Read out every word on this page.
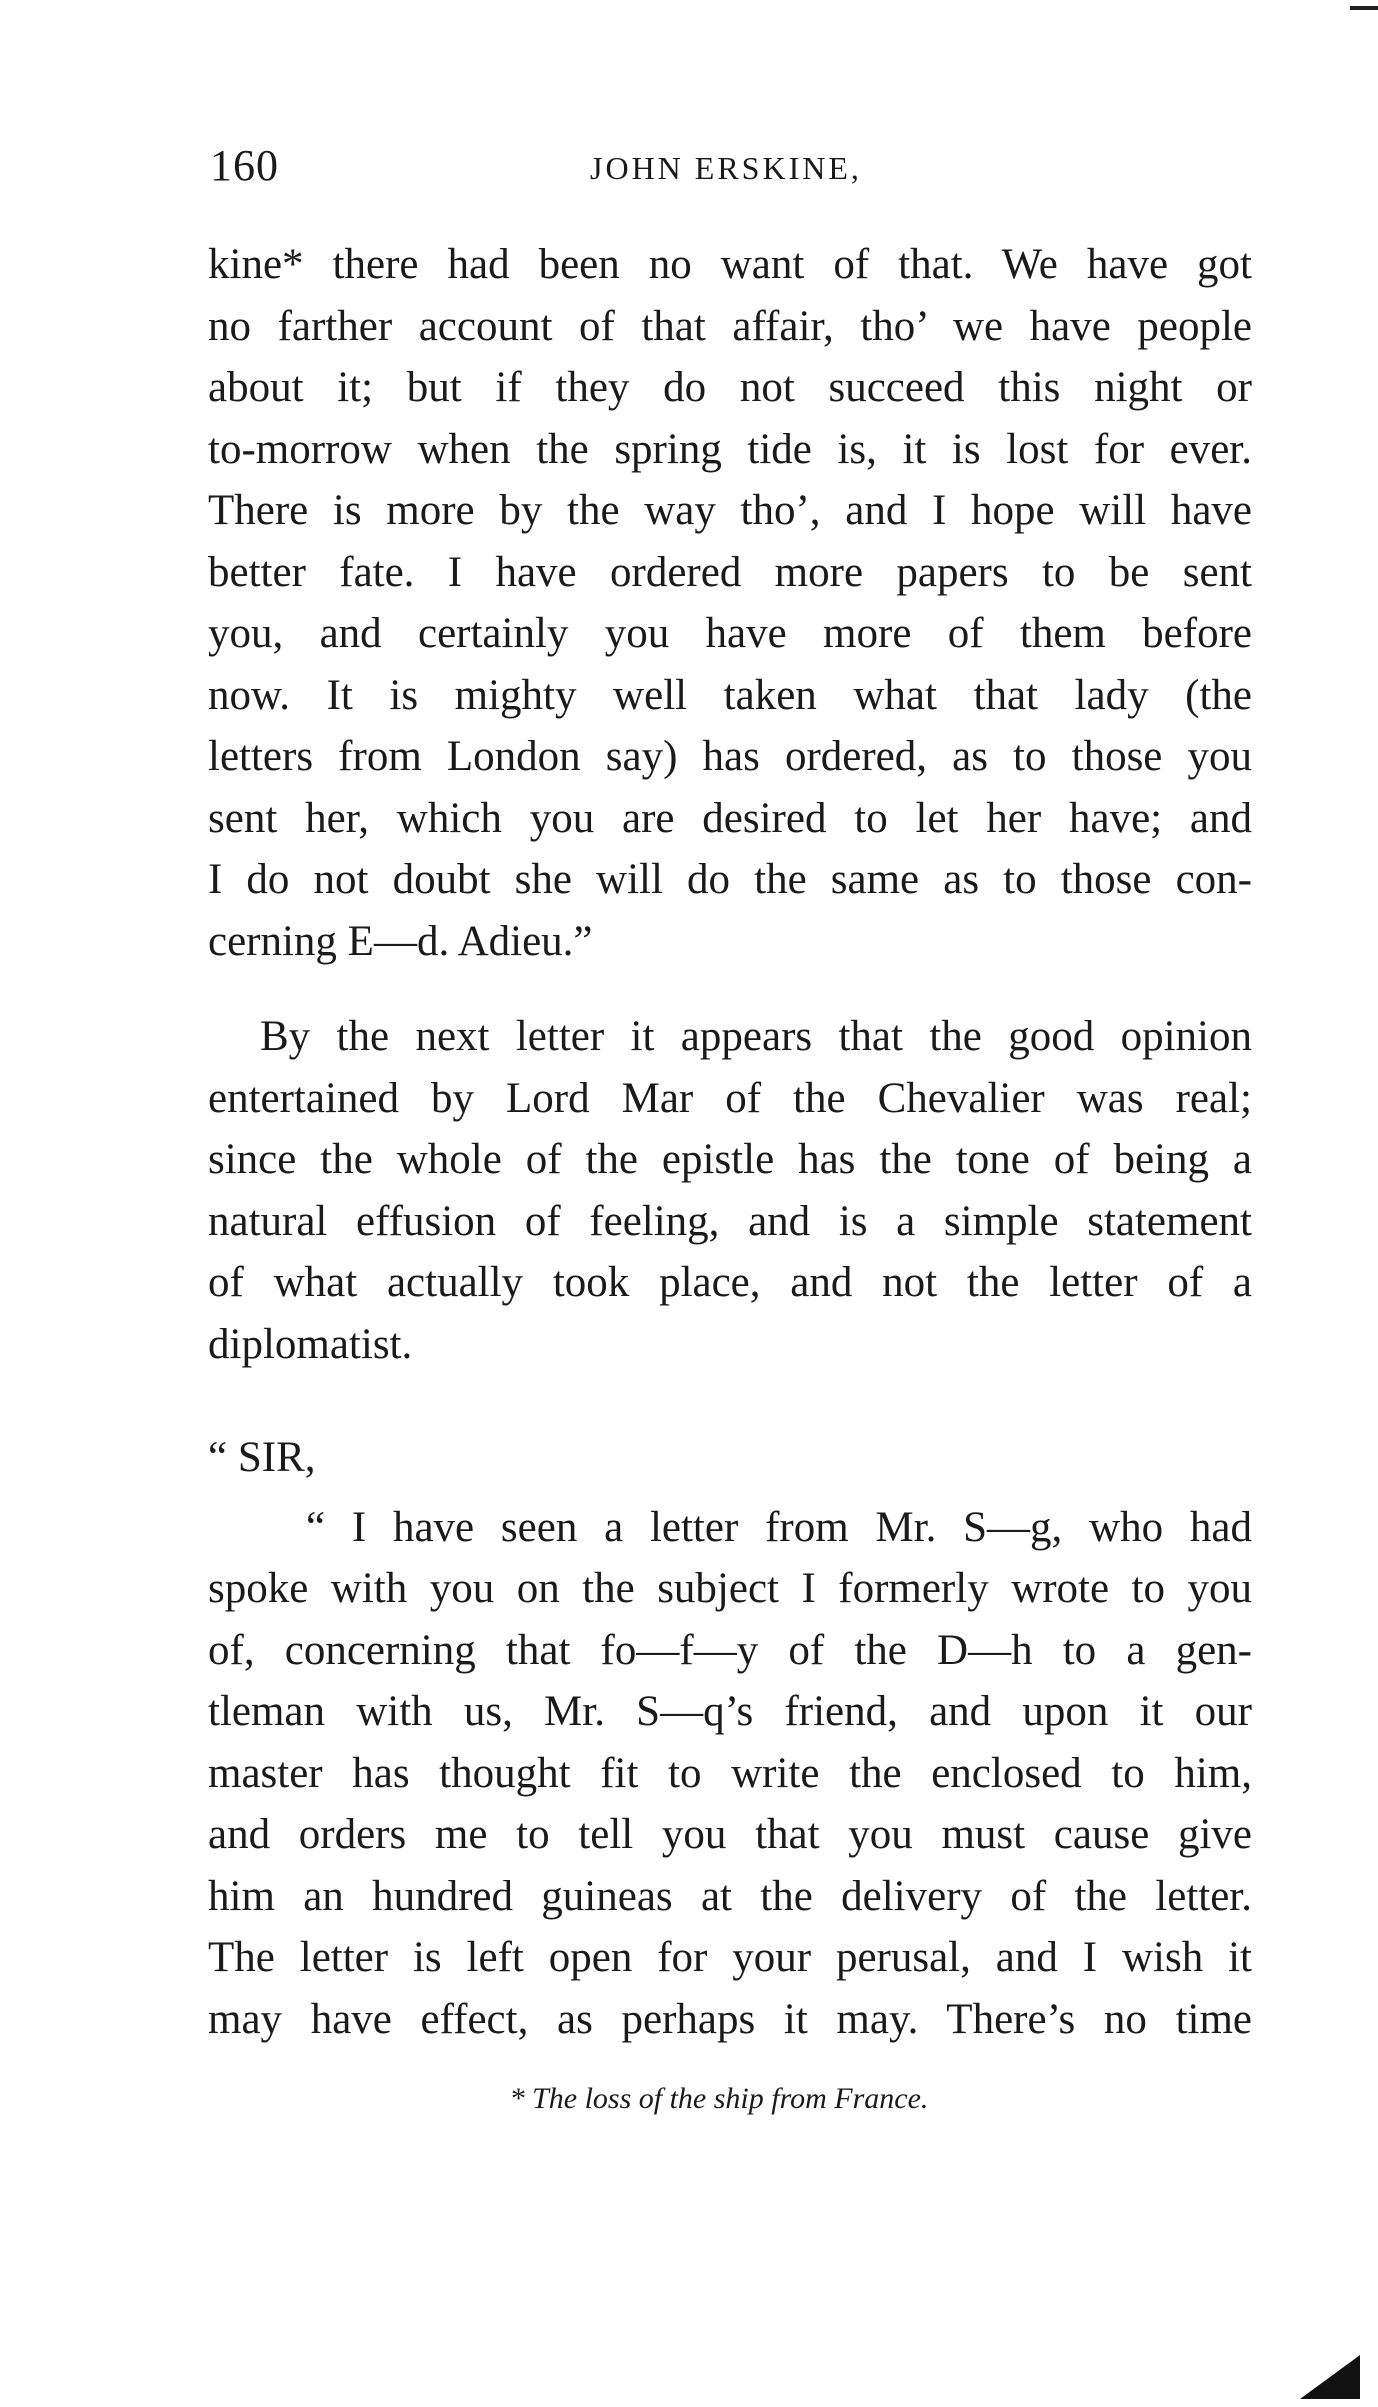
160	JOHN ERSKINE,
kine* there had been no want of that. We have got
no farther account of that affair, tho’ we have people
about it; but if they do not succeed this night or
to-morrow when the spring tide is, it is lost for ever.
There is more by the way tho’, and I hope will have
better fate. I have ordered more papers to be sent
you, and certainly you have more of them before
now. It is mighty well taken what that lady (the
letters from London say) has ordered, as to those you
sent her, which you are desired to let her have; and
I do not doubt she will do the same as to those con-
cerning E—d. Adieu.”
By the next letter it appears that the good opinion
entertained by Lord Mar of the Chevalier was real;
since the whole of the epistle has the tone of being a
natural effusion of feeling, and is a simple statement
of what actually took place, and not the letter of a
diplomatist.
“ SIR,
“ I have seen a letter from Mr. S—g, who had
spoke with you on the subject I formerly wrote to you
of, concerning that fo—f—y of the D—h to a gen-
tleman with us, Mr. S—q’s friend, and upon it our
master has thought fit to write the enclosed to him,
and orders me to tell you that you must cause give
him an hundred guineas at the delivery of the letter.
The letter is left open for your perusal, and I wish it
may have effect, as perhaps it may. There’s no time
* The loss of the ship from France.
